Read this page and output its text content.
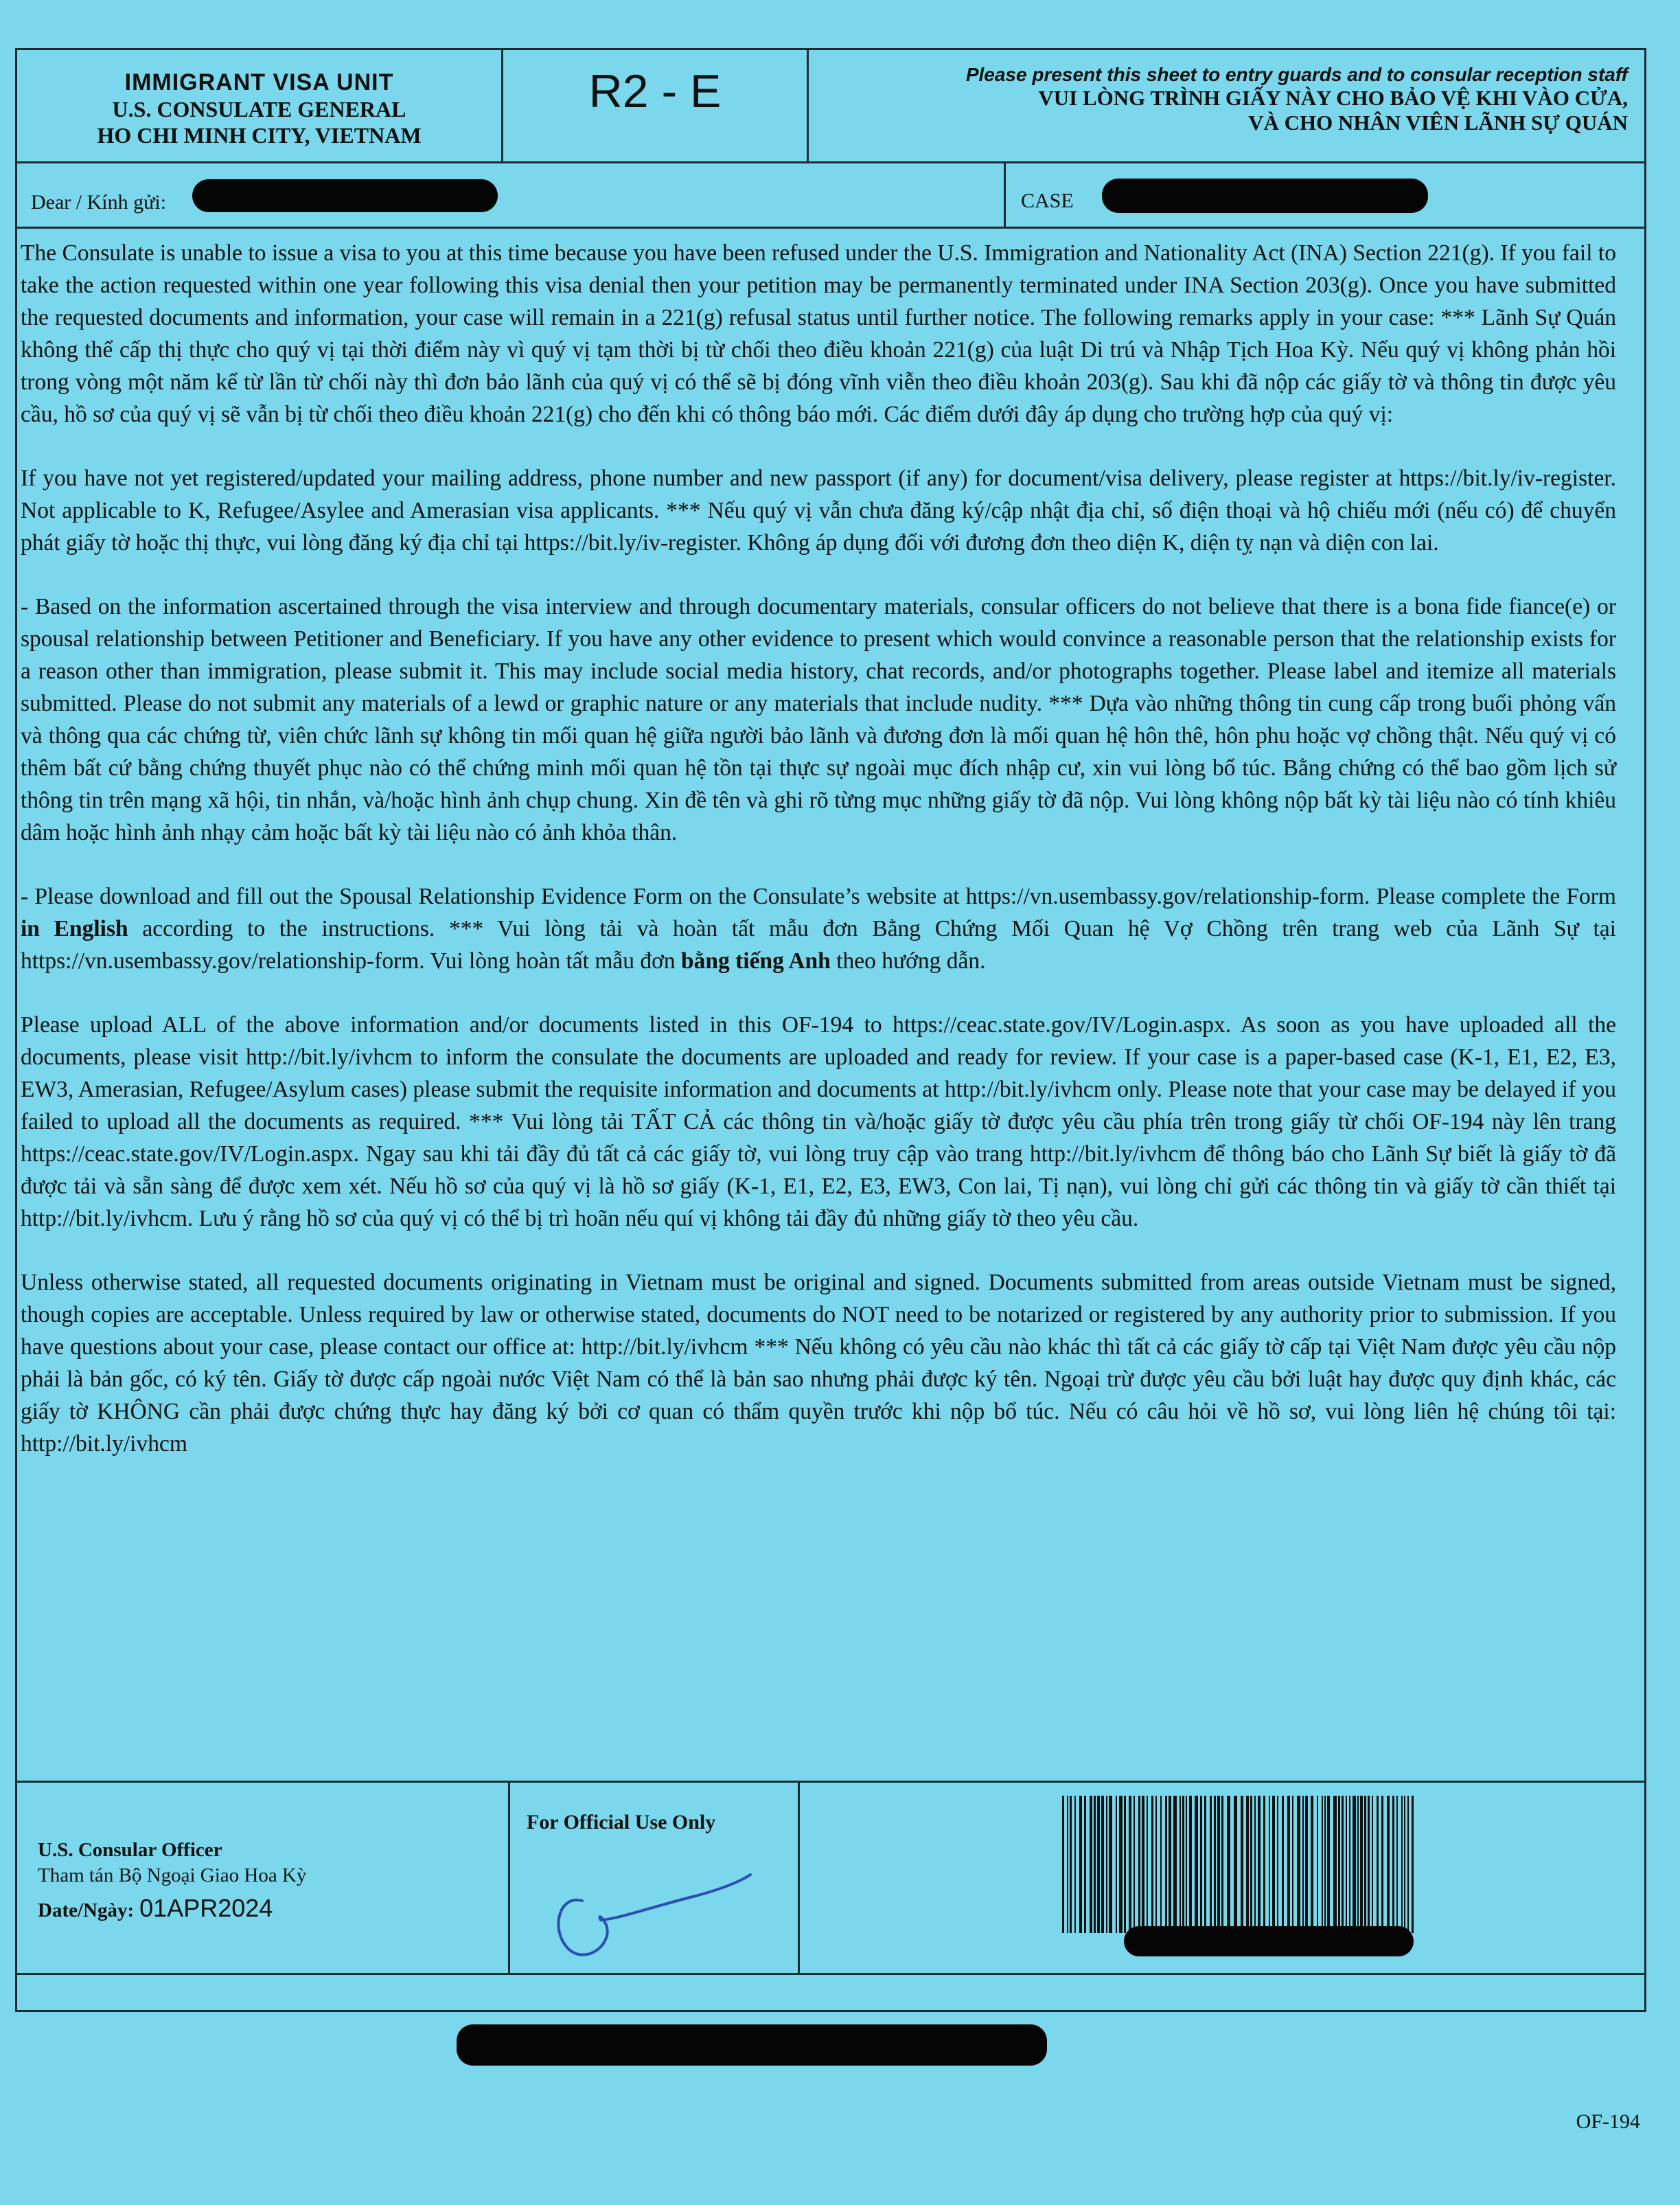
IMMIGRANT VISA UNIT
U.S. CONSULATE GENERAL
HO CHI MINH CITY, VIETNAM
R2 - E	Please present this sheet to entry guards and to consular reception staff
VUI LÒNG TRÌNH GIẤY NÀY CHO BẢO VỆ KHI VÀO CỬA,
VÀ CHO NHÂN VIÊN LÃNH SỰ QUÁN
Dear / Kính gửi:	CASE
U.S. Consular Officer
Tham tán Bộ Ngoại Giao Hoa Kỳ
Date/Ngày: 01APR2024
For Official Use Only

The Consulate is unable to issue a visa to you at this time because you have been refused under the U.S. Immigration and Nationality Act (INA) Section 221(g). If you fail to take the action requested within one year following this visa denial then your petition may be permanently terminated under INA Section 203(g). Once you have submitted the requested documents and information, your case will remain in a 221(g) refusal status until further notice. The following remarks apply in your case: *** Lãnh Sự Quán không thể cấp thị thực cho quý vị tại thời điểm này vì quý vị tạm thời bị từ chối theo điều khoản 221(g) của luật Di trú và Nhập Tịch Hoa Kỳ. Nếu quý vị không phản hồi trong vòng một năm kể từ lần từ chối này thì đơn bảo lãnh của quý vị có thể sẽ bị đóng vĩnh viễn theo điều khoản 203(g). Sau khi đã nộp các giấy tờ và thông tin được yêu cầu, hồ sơ của quý vị sẽ vẫn bị từ chối theo điều khoản 221(g) cho đến khi có thông báo mới. Các điểm dưới đây áp dụng cho trường hợp của quý vị:

If you have not yet registered/updated your mailing address, phone number and new passport (if any) for document/visa delivery, please register at https://bit.ly/iv-register. Not applicable to K, Refugee/Asylee and Amerasian visa applicants. *** Nếu quý vị vẫn chưa đăng ký/cập nhật địa chỉ, số điện thoại và hộ chiếu mới (nếu có) để chuyển phát giấy tờ hoặc thị thực, vui lòng đăng ký địa chỉ tại https://bit.ly/iv-register. Không áp dụng đối với đương đơn theo diện K, diện tỵ nạn và diện con lai.

- Based on the information ascertained through the visa interview and through documentary materials, consular officers do not believe that there is a bona fide fiance(e) or spousal relationship between Petitioner and Beneficiary. If you have any other evidence to present which would convince a reasonable person that the relationship exists for a reason other than immigration, please submit it. This may include social media history, chat records, and/or photographs together. Please label and itemize all materials submitted. Please do not submit any materials of a lewd or graphic nature or any materials that include nudity. *** Dựa vào những thông tin cung cấp trong buổi phỏng vấn và thông qua các chứng từ, viên chức lãnh sự không tin mối quan hệ giữa người bảo lãnh và đương đơn là mối quan hệ hôn thê, hôn phu hoặc vợ chồng thật. Nếu quý vị có thêm bất cứ bằng chứng thuyết phục nào có thể chứng minh mối quan hệ tồn tại thực sự ngoài mục đích nhập cư, xin vui lòng bổ túc. Bằng chứng có thể bao gồm lịch sử thông tin trên mạng xã hội, tin nhắn, và/hoặc hình ảnh chụp chung. Xin đề tên và ghi rõ từng mục những giấy tờ đã nộp. Vui lòng không nộp bất kỳ tài liệu nào có tính khiêu dâm hoặc hình ảnh nhạy cảm hoặc bất kỳ tài liệu nào có ảnh khỏa thân.

- Please download and fill out the Spousal Relationship Evidence Form on the Consulate’s website at https://vn.usembassy.gov/relationship-form. Please complete the Form in English according to the instructions. *** Vui lòng tải và hoàn tất mẫu đơn Bằng Chứng Mối Quan hệ Vợ Chồng trên trang web của Lãnh Sự tại https://vn.usembassy.gov/relationship-form. Vui lòng hoàn tất mẫu đơn bằng tiếng Anh theo hướng dẫn.

Please upload ALL of the above information and/or documents listed in this OF-194 to https://ceac.state.gov/IV/Login.aspx. As soon as you have uploaded all the documents, please visit http://bit.ly/ivhcm to inform the consulate the documents are uploaded and ready for review. If your case is a paper-based case (K-1, E1, E2, E3, EW3, Amerasian, Refugee/Asylum cases) please submit the requisite information and documents at http://bit.ly/ivhcm only. Please note that your case may be delayed if you failed to upload all the documents as required. *** Vui lòng tải TẤT CẢ các thông tin và/hoặc giấy tờ được yêu cầu phía trên trong giấy từ chối OF-194 này lên trang https://ceac.state.gov/IV/Login.aspx. Ngay sau khi tải đầy đủ tất cả các giấy tờ, vui lòng truy cập vào trang http://bit.ly/ivhcm để thông báo cho Lãnh Sự biết là giấy tờ đã được tải và sẵn sàng để được xem xét. Nếu hồ sơ của quý vị là hồ sơ giấy (K-1, E1, E2, E3, EW3, Con lai, Tị nạn), vui lòng chỉ gửi các thông tin và giấy tờ cần thiết tại http://bit.ly/ivhcm. Lưu ý rằng hồ sơ của quý vị có thể bị trì hoãn nếu quí vị không tải đầy đủ những giấy tờ theo yêu cầu.

Unless otherwise stated, all requested documents originating in Vietnam must be original and signed. Documents submitted from areas outside Vietnam must be signed, though copies are acceptable. Unless required by law or otherwise stated, documents do NOT need to be notarized or registered by any authority prior to submission. If you have questions about your case, please contact our office at: http://bit.ly/ivhcm *** Nếu không có yêu cầu nào khác thì tất cả các giấy tờ cấp tại Việt Nam được yêu cầu nộp phải là bản gốc, có ký tên. Giấy tờ được cấp ngoài nước Việt Nam có thể là bản sao nhưng phải được ký tên. Ngoại trừ được yêu cầu bởi luật hay được quy định khác, các giấy tờ KHÔNG cần phải được chứng thực hay đăng ký bởi cơ quan có thẩm quyền trước khi nộp bổ túc. Nếu có câu hỏi về hồ sơ, vui lòng liên hệ chúng tôi tại: http://bit.ly/ivhcm

OF-194
